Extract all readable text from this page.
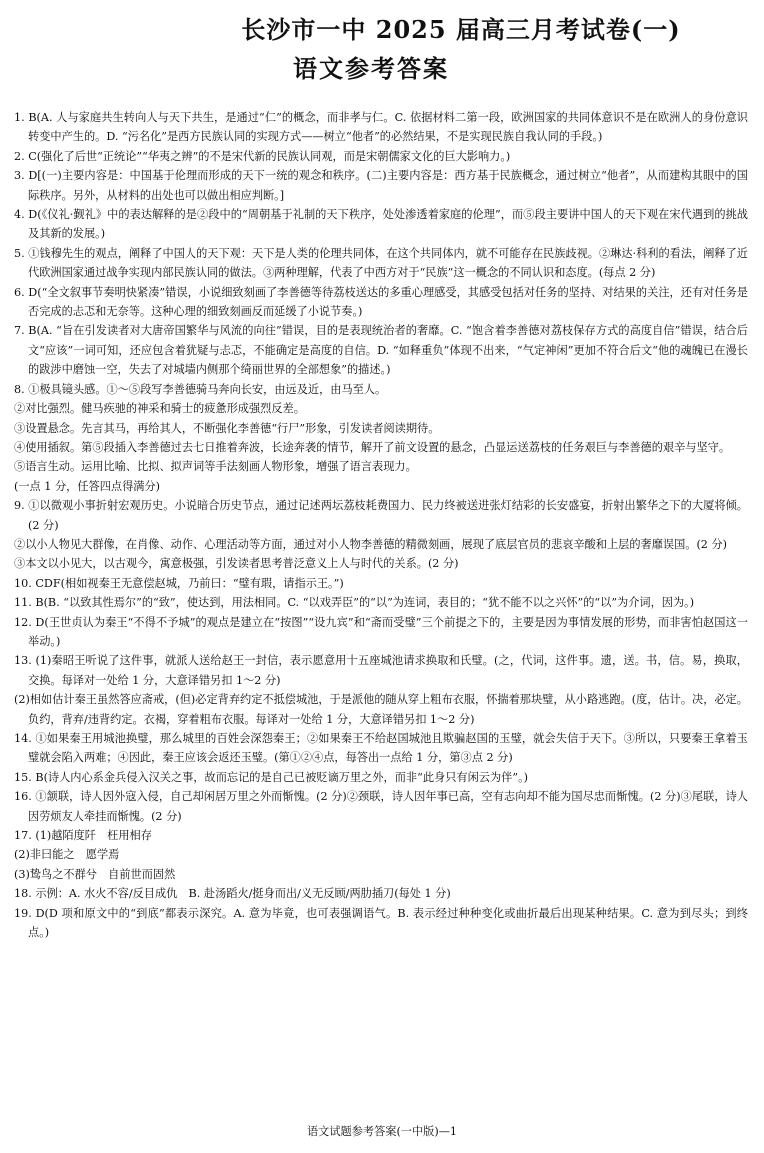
长沙市一中 2025 届高三月考试卷(一)
语文参考答案
1. B(A. 人与家庭共生转向人与天下共生，是通过“仁”的概念，而非孝与仁。C. 依据材料二第一段，欧洲国家的共同体意识不是在欧洲人的身份意识转变中产生的。D. “污名化”是西方民族认同的实现方式——树立“他者”的必然结果，不是实现民族自我认同的手段。)
2. C(强化了后世“正统论”“华夷之辨”的不是宋代新的民族认同观，而是宋朝儒家文化的巨大影响力。)
3. D[(一)主要内容是：中国基于伦理而形成的天下一统的观念和秩序。(二)主要内容是：西方基于民族概念，通过树立“他者”，从而建构其眼中的国际秩序。另外，从材料的出处也可以做出相应判断。]
4. D(《仪礼·觐礼》中的表达解释的是②段中的“周朝基于礼制的天下秩序，处处渗透着家庭的伦理”，而⑤段主要讲中国人的天下观在宋代遇到的挑战及其新的发展。)
5. ①钱穆先生的观点，阐释了中国人的天下观：天下是人类的伦理共同体，在这个共同体内，就不可能存在民族歧视。②琳达·科利的看法，阐释了近代欧洲国家通过战争实现内部民族认同的做法。③两种理解，代表了中西方对于“民族”这一概念的不同认识和态度。(每点 2 分)
6. D(“全文叙事节奏明快紧凑”错误，小说细致刻画了李善德等待荔枝送达的多重心理感受，其感受包括对任务的坚持、对结果的关注，还有对任务是否完成的忐忑和无奈等。这种心理的细致刻画反而延缓了小说节奏。)
7. B(A. “旨在引发读者对大唐帝国繁华与风流的向往”错误，目的是表现统治者的奢靡。C. “饱含着李善德对荔枝保存方式的高度自信”错误，结合后文“应该”一词可知，还应包含着犹疑与忐忑，不能确定是高度的自信。D. “如释重负”体现不出来，“气定神闲”更加不符合后文“他的魂魄已在漫长的跋涉中磨蚀一空，失去了对城墙内侧那个绮丽世界的全部想象”的描述。)
8. ①极具镜头感。①～⑤段写李善德骑马奔向长安，由远及近，由马至人。
②对比强烈。健马疾驰的神采和骑士的疲惫形成强烈反差。
③设置悬念。先言其马，再给其人，不断强化李善德“行尸”形象，引发读者阅读期待。
④使用插叙。第⑤段插入李善德过去七日推着奔波，长途奔袭的情节，解开了前文设置的悬念，凸显运送荔枝的任务艰巨与李善德的艰辛与坚守。
⑤语言生动。运用比喻、比拟、拟声词等手法刻画人物形象，增强了语言表现力。
(一点 1 分，任答四点得满分)
9. ①以微观小事折射宏观历史。小说暗合历史节点，通过记述两坛荔枝耗费国力、民力终被送进张灯结彩的长安盛宴，折射出繁华之下的大厦将倾。(2 分)
②以小人物见大群像，在肖像、动作、心理活动等方面，通过对小人物李善德的精微刻画，展现了底层官员的悲哀辛酸和上层的奢靡误国。(2 分)
③本文以小见大，以古观今，寓意极强，引发读者思考普泛意义上人与时代的关系。(2 分)
10. CDF(相如视秦王无意偿赵城，乃前曰：“璧有瑕，请指示王。”)
11. B(B. “以致其性焉尔”的“致”，使达到，用法相同。C. “以戏弄臣”的“以”为连词，表目的；“犹不能不以之兴怀”的“以”为介词，因为。)
12. D(王世贞认为秦王“不得不予城”的观点是建立在“按图”“设九宾”和“斋而受璧”三个前提之下的，主要是因为事情发展的形势，而非害怕赵国这一举动。)
13. (1)秦昭王听说了这件事，就派人送给赵王一封信，表示愿意用十五座城池请求换取和氏璧。(之，代词，这件事。遗，送。书，信。易，换取，交换。每译对一处给 1 分，大意译错另扣 1～2 分)
(2)相如估计秦王虽然答应斋戒，(但)必定背弃约定不抵偿城池，于是派他的随从穿上粗布衣服，怀揣着那块璧，从小路逃跑。(度，估计。决，必定。负约，背弃/违背约定。衣褐，穿着粗布衣服。每译对一处给 1 分，大意译错另扣 1～2 分)
14. ①如果秦王用城池换璧，那么城里的百姓会深怨秦王；②如果秦王不给赵国城池且欺骗赵国的玉璧，就会失信于天下。③所以，只要秦王拿着玉璧就会陷入两难；④因此，秦王应该会返还玉璧。(第①②④点，每答出一点给 1 分，第③点 2 分)
15. B(诗人内心系金兵侵入汉关之事，故而忘记的是自己已被贬谪万里之外，而非“此身只有闲云为伴”。)
16. ①颔联，诗人因外寇入侵，自己却闲居万里之外而惭愧。(2 分)②颈联，诗人因年事已高，空有志向却不能为国尽忠而惭愧。(2 分)③尾联，诗人因劳烦友人牵挂而惭愧。(2 分)
17. (1)越陌度阡　枉用相存
(2)非曰能之　愿学焉
(3)鸷鸟之不群兮　自前世而固然
18. 示例：A. 水火不容/反目成仇　B. 赴汤蹈火/挺身而出/义无反顾/两肋插刀(每处 1 分)
19. D(D 项和原文中的“到底”都表示深究。A. 意为毕竟，也可表强调语气。B. 表示经过种种变化或曲折最后出现某种结果。C. 意为到尽头；到终点。)
语文试题参考答案(一中版)—1
